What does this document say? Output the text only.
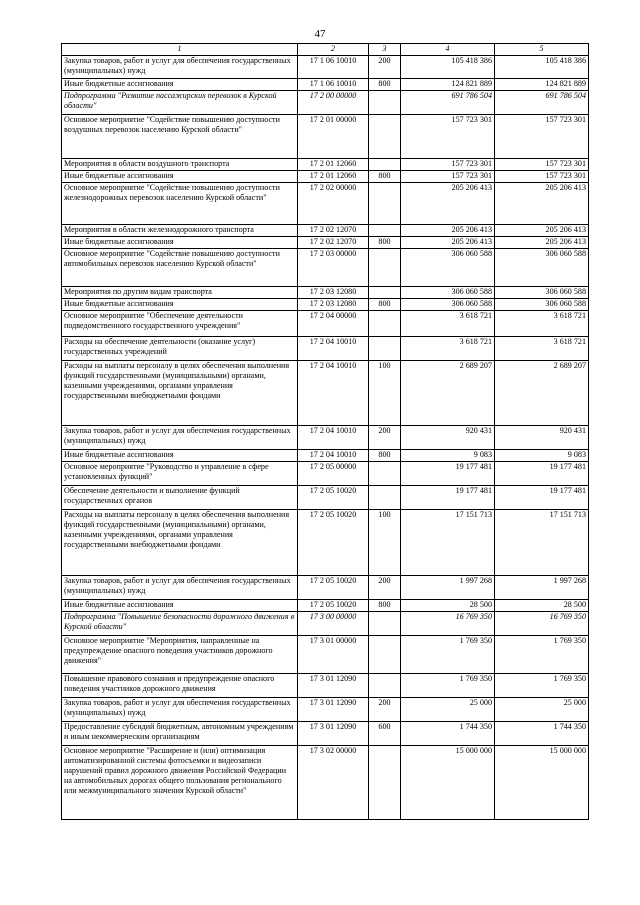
47
1	2	3	4	5
Закупка товаров, работ и услуг для обеспечения государственных (муниципальных) нужд	17 1 06 10010	200	105 418 386	105 418 386
Иные бюджетные ассигнования	17 1 06 10010	800	124 821 889	124 821 889
Подпрограмма "Развитие пассажирских перевозок в Курской области"	17 2 00 00000		691 786 504	691 786 504
Основное мероприятие "Содействие повышению доступности воздушных перевозок населению Курской области"	17 2 01 00000		157 723 301	157 723 301
Мероприятия в области воздушного транспорта	17 2 01 12060		157 723 301	157 723 301
Иные бюджетные ассигнования	17 2 01 12060	800	157 723 301	157 723 301
Основное мероприятие "Содействие повышению доступности железнодорожных перевозок населению Курской области"	17 2 02 00000		205 206 413	205 206 413
Мероприятия в области железнодорожного транспорта	17 2 02 12070		205 206 413	205 206 413
Иные бюджетные ассигнования	17 2 02 12070	800	205 206 413	205 206 413
Основное мероприятие "Содействие повышению доступности автомобильных перевозок населению Курской области"	17 2 03 00000		306 060 588	306 060 588
Мероприятия по другим видам транспорта	17 2 03 12080		306 060 588	306 060 588
Иные бюджетные ассигнования	17 2 03 12080	800	306 060 588	306 060 588
Основное мероприятие "Обеспечение деятельности подведомственного государственного учреждения"	17 2 04 00000		3 618 721	3 618 721
Расходы на обеспечение деятельности (оказание услуг) государственных учреждений	17 2 04 10010		3 618 721	3 618 721
Расходы на выплаты персоналу в целях обеспечения выполнения функций государственными (муниципальными) органами, казенными учреждениями, органами управления государственными внебюджетными фондами	17 2 04 10010	100	2 689 207	2 689 207
Закупка товаров, работ и услуг для обеспечения государственных (муниципальных) нужд	17 2 04 10010	200	920 431	920 431
Иные бюджетные ассигнования	17 2 04 10010	800	9 083	9 083
Основное мероприятие "Руководство и управление в сфере установленных функций"	17 2 05 00000		19 177 481	19 177 481
Обеспечение деятельности и выполнение функций государственных органов	17 2 05 10020		19 177 481	19 177 481
Расходы на выплаты персоналу в целях обеспечения выполнения функций государственными (муниципальными) органами, казенными учреждениями, органами управления государственными внебюджетными фондами	17 2 05 10020	100	17 151 713	17 151 713
Закупка товаров, работ и услуг для обеспечения государственных (муниципальных) нужд	17 2 05 10020	200	1 997 268	1 997 268
Иные бюджетные ассигнования	17 2 05 10020	800	28 500	28 500
Подпрограмма "Повышение безопасности дорожного движения в Курской области"	17 3 00 00000		16 769 350	16 769 350
Основное мероприятие "Мероприятия, направленные на предупреждение опасного поведения участников дорожного движения"	17 3 01 00000		1 769 350	1 769 350
Повышение правового сознания и предупреждение опасного поведения участников дорожного движения	17 3 01 12090		1 769 350	1 769 350
Закупка товаров, работ и услуг для обеспечения государственных (муниципальных) нужд	17 3 01 12090	200	25 000	25 000
Предоставление субсидий бюджетным, автономным учреждениям и иным некоммерческим организациям	17 3 01 12090	600	1 744 350	1 744 350
Основное мероприятие "Расширение и (или) оптимизация автоматизированной системы фотосъемки и видеозаписи нарушений правил дорожного движения Российской Федерации на автомобильных дорогах общего пользования регионального или межмуниципального значения Курской области"	17 3 02 00000		15 000 000	15 000 000
